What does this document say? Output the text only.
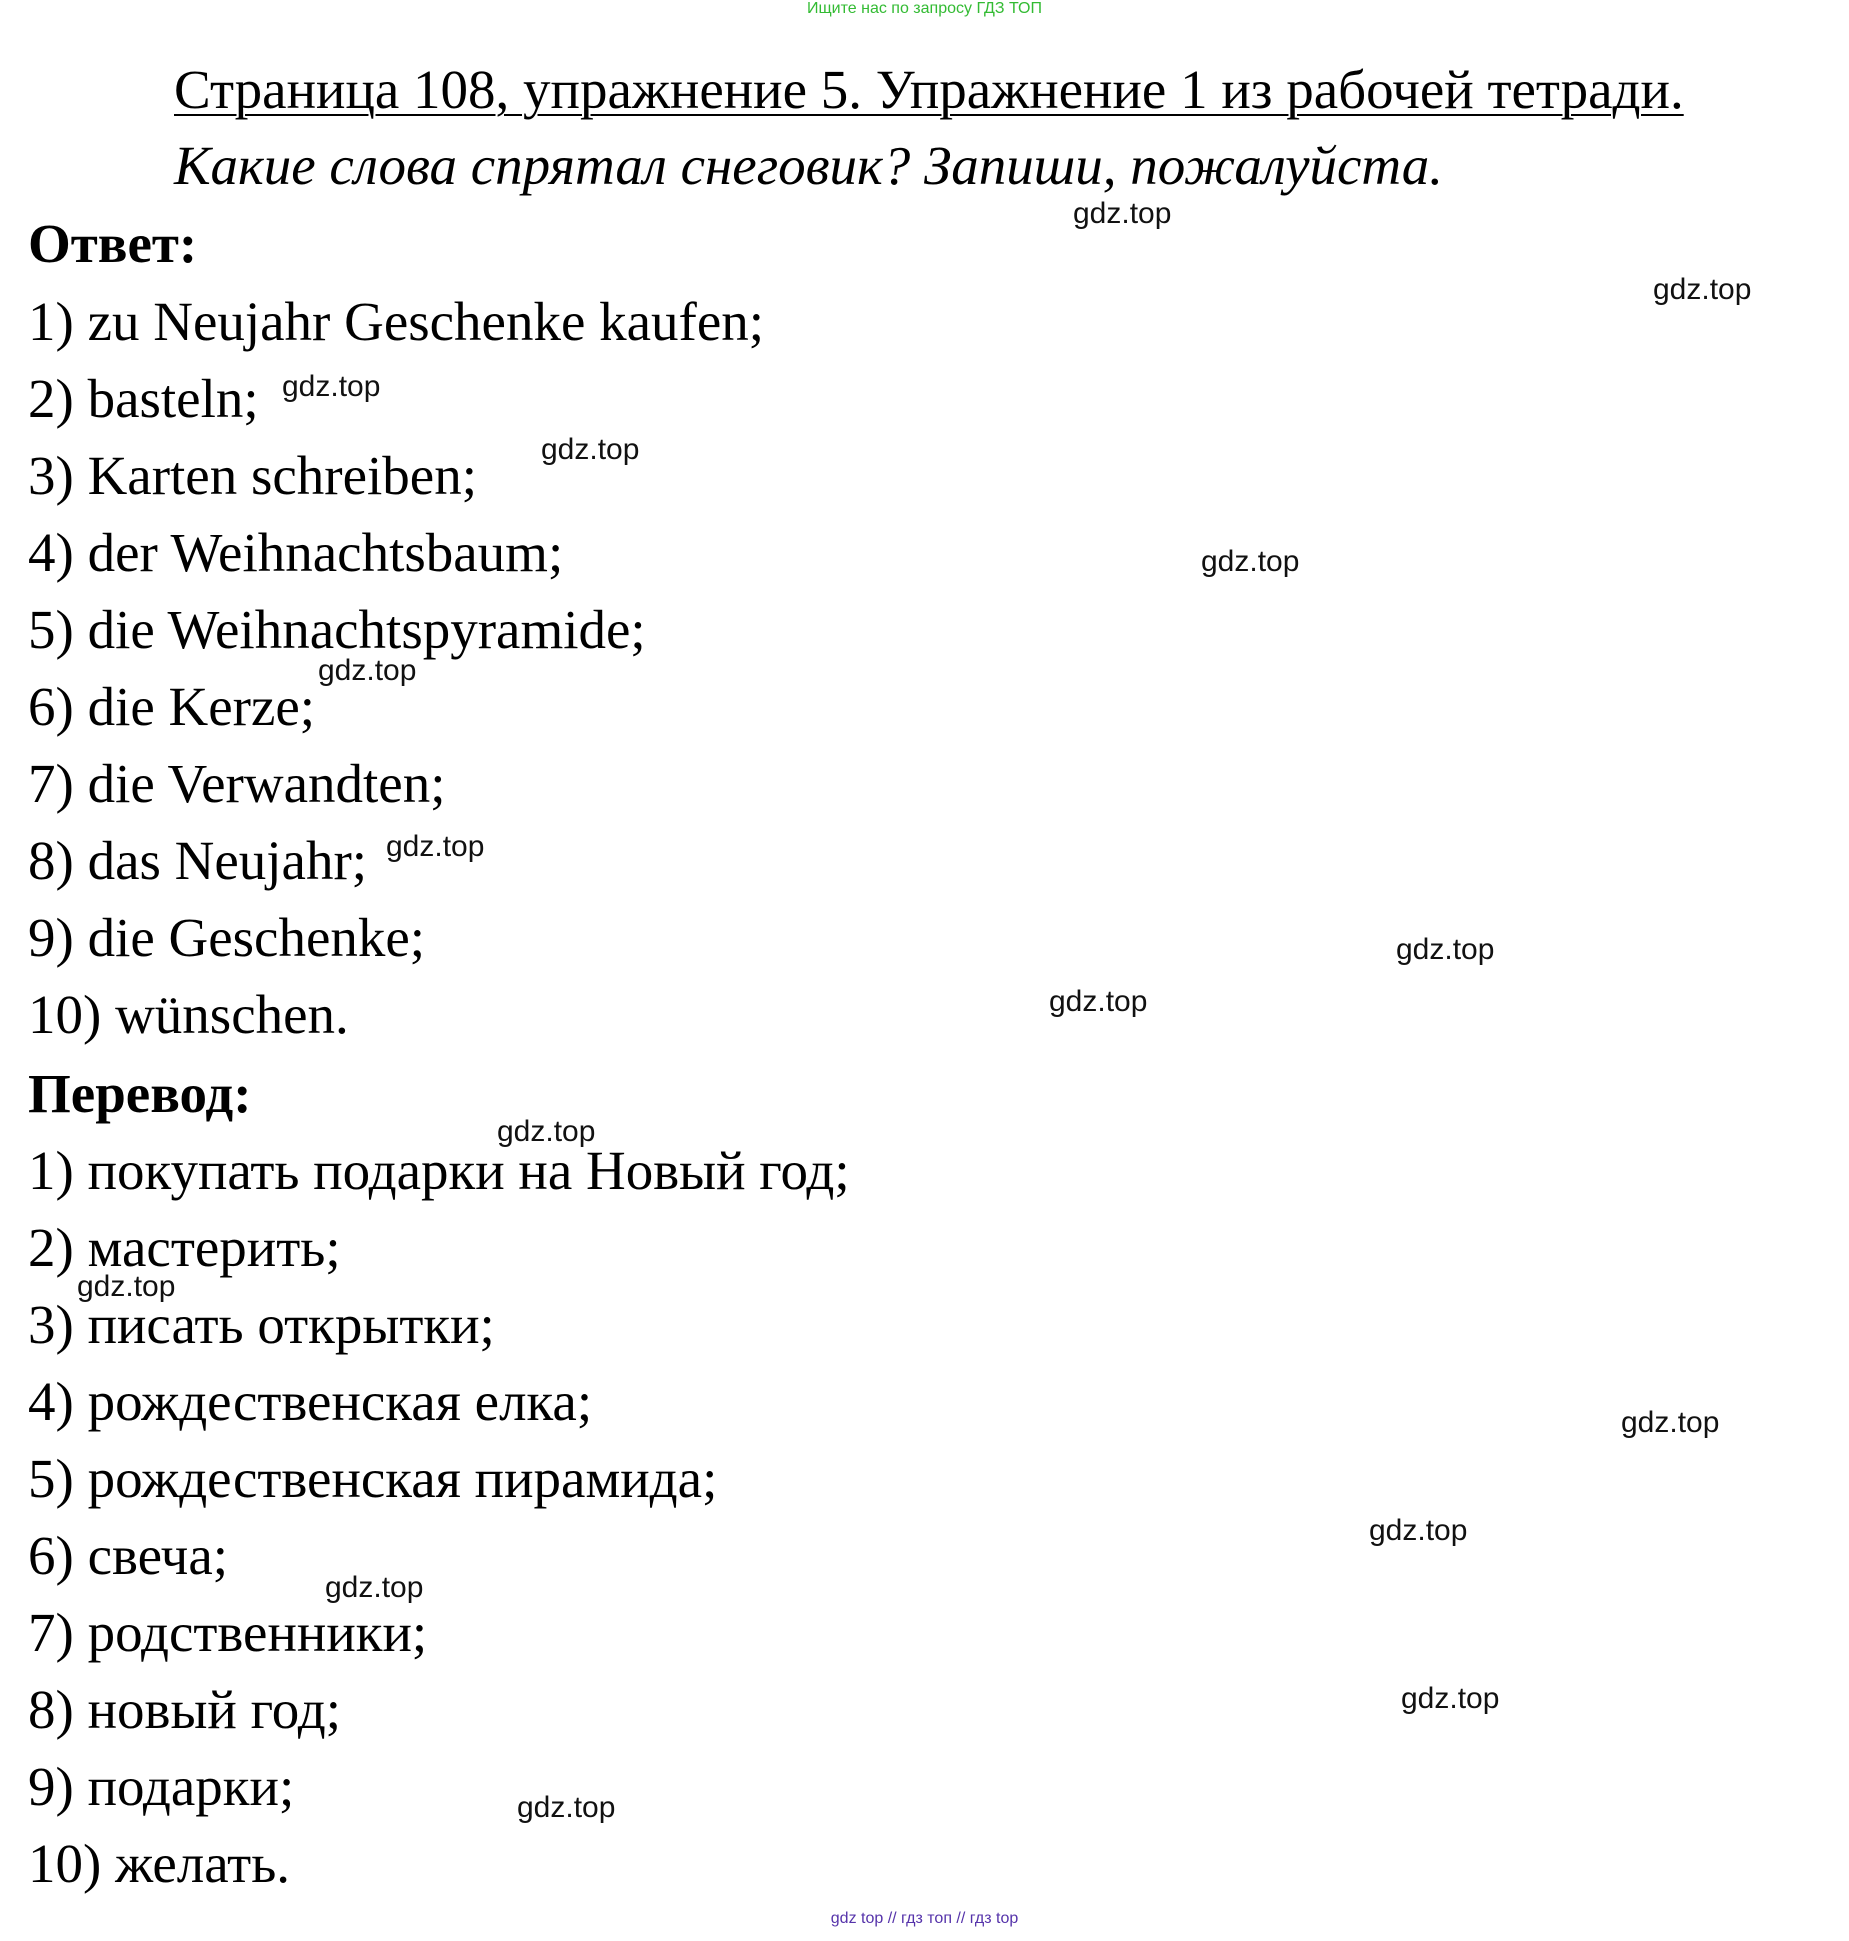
Ищите нас по запросу ГДЗ ТОП
Страница 108, упражнение 5. Упражнение 1 из рабочей тетради.
Какие слова спрятал снеговик? Запиши, пожалуйста.
Ответ:
1) zu Neujahr Geschenke kaufen;
2) basteln;
3) Karten schreiben;
4) der Weihnachtsbaum;
5) die Weihnachtspyramide;
6) die Kerze;
7) die Verwandten;
8) das Neujahr;
9) die Geschenke;
10) wünschen.
Перевод:
1) покупать подарки на Новый год;
2) мастерить;
3) писать открытки;
4) рождественская елка;
5) рождественская пирамида;
6) свеча;
7) родственники;
8) новый год;
9) подарки;
10) желать.
gdz.top
gdz.top
gdz.top
gdz.top
gdz.top
gdz.top
gdz.top
gdz.top
gdz.top
gdz.top
gdz.top
gdz.top
gdz.top
gdz.top
gdz.top
gdz.top
gdz top // гдз топ // гдз top
